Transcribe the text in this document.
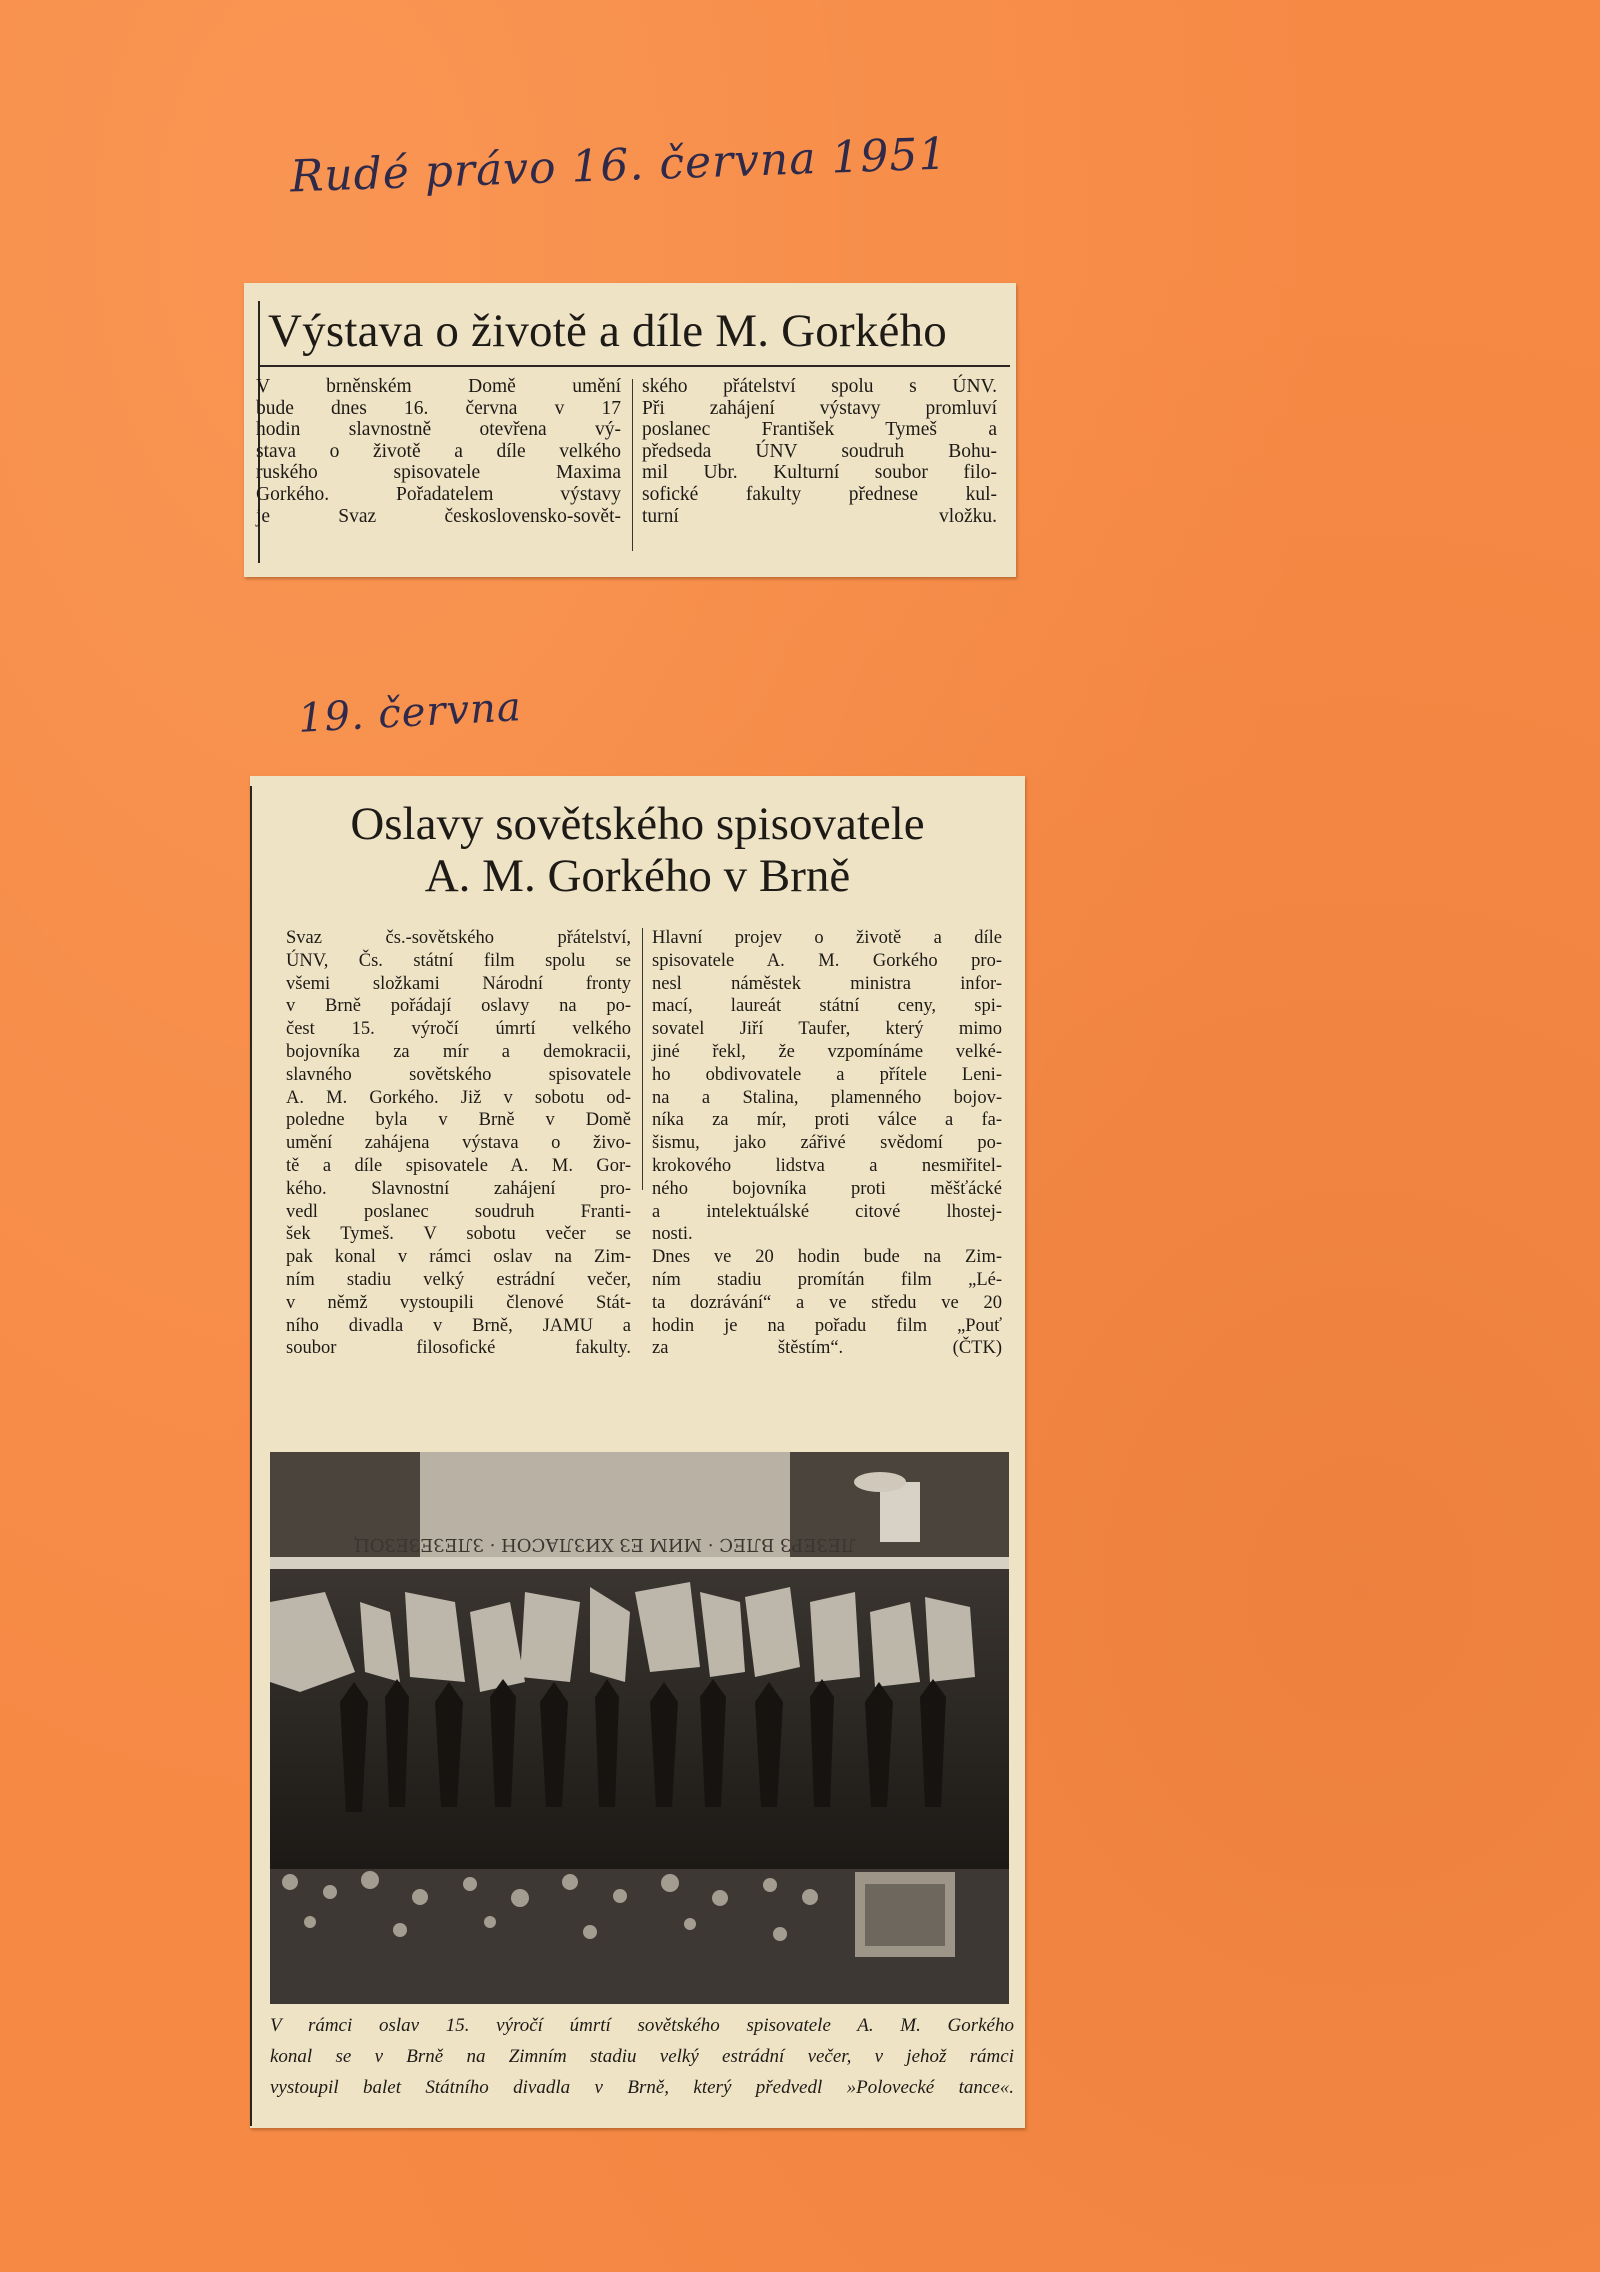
Rudé právo 16. června 1951
19. června
Výstava o životě a díle M. Gorkého
V brněnském Domě umění
bude dnes 16. června v 17
hodin slavnostně otevřena vý-
stava o životě a díle velkého
ruského spisovatele Maxima
Gorkého. Pořadatelem výstavy
je Svaz československo-sovět-
ského přátelství spolu s ÚNV.
Při zahájení výstavy promluví
poslanec František Tymeš a
předseda ÚNV soudruh Bohu-
mil Ubr. Kulturní soubor filo-
sofické fakulty přednese kul-
turní vložku.
Oslavy sovětského spisovatele
A. M. Gorkého v Brně
Svaz čs.-sovětského přátelství,
ÚNV, Čs. státní film spolu se
všemi složkami Národní fronty
v Brně pořádají oslavy na po-
čest 15. výročí úmrtí velkého
bojovníka za mír a demokracii,
slavného sovětského spisovatele
A. M. Gorkého. Již v sobotu od-
poledne byla v Brně v Domě
umění zahájena výstava o živo-
tě a díle spisovatele A. M. Gor-
kého. Slavnostní zahájení pro-
vedl poslanec soudruh Franti-
šek Tymeš. V sobotu večer se
pak konal v rámci oslav na Zim-
ním stadiu velký estrádní večer,
v němž vystoupili členové Stát-
ního divadla v Brně, JAMU a
soubor filosofické fakulty.
Hlavní projev o životě a díle
spisovatele A. M. Gorkého pro-
nesl náměstek ministra infor-
mací, laureát státní ceny, spi-
sovatel Jiří Taufer, který mimo
jiné řekl, že vzpomínáme velké-
ho obdivovatele a přítele Leni-
na a Stalina, plamenného bojov-
níka za mír, proti válce a fa-
šismu, jako zářivé svědomí po-
krokového lidstva a nesmiřitel-
ného bojovníka proti měšťácké
a intelektuálské citové lhostej-
nosti.
Dnes ve 20 hodin bude na Zim-
ním stadiu promítán film „Lé-
ta dozrávání“ a ve středu ve 20
hodin je na pořadu film „Pouť
za štěstím“. (ČTK)
ЛЕЗЕРЗ ВЛЕС · МИМ ЕЗ ХИЗЛАСОН · ЗЛЕЗЕЗЕЗОЦ
V rámci oslav 15. výročí úmrtí sovětského spisovatele A. M. Gorkého
konal se v Brně na Zimním stadiu velký estrádní večer, v jehož rámci
vystoupil balet Státního divadla v Brně, který předvedl »Polovecké tance«.
